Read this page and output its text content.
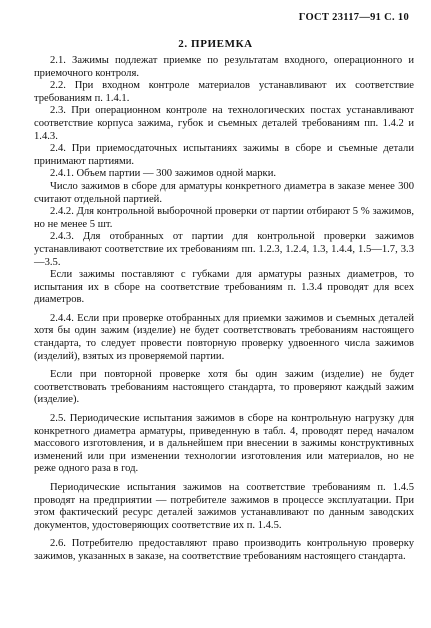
ГОСТ 23117—91 С. 10
2. ПРИЕМКА

2.1. Зажимы подлежат приемке по результатам входного, операционного и приемочного контроля.

2.2. При входном контроле материалов устанавливают их соответствие требованиям п. 1.4.1.

2.3. При операционном контроле на технологических постах устанавливают соответствие корпуса зажима, губок и съемных деталей требованиям пп. 1.4.2 и 1.4.3.

2.4. При приемосдаточных испытаниях зажимы в сборе и съемные детали принимают партиями.

2.4.1. Объем партии — 300 зажимов одной марки.

Число зажимов в сборе для арматуры конкретного диаметра в заказе менее 300 считают отдельной партией.

2.4.2. Для контрольной выборочной проверки от партии отбирают 5 % зажимов, но не менее 5 шт.

2.4.3. Для отобранных от партии для контрольной проверки зажимов устанавливают соответствие их требованиям пп. 1.2.3, 1.2.4, 1.3, 1.4.4, 1.5—1.7, 3.3—3.5.

Если зажимы поставляют с губками для арматуры разных диаметров, то испытания их в сборе на соответствие требованиям п. 1.3.4 проводят для всех диаметров.

2.4.4. Если при проверке отобранных для приемки зажимов и съемных деталей хотя бы один зажим (изделие) не будет соответствовать требованиям настоящего стандарта, то следует провести повторную проверку удвоенного числа зажимов (изделий), взятых из проверяемой партии.

Если при повторной проверке хотя бы один зажим (изделие) не будет соответствовать требованиям настоящего стандарта, то проверяют каждый зажим (изделие).

2.5. Периодические испытания зажимов в сборе на контрольную нагрузку для конкретного диаметра арматуры, приведенную в табл. 4, проводят перед началом массового изготовления, и в дальнейшем при внесении в зажимы конструктивных изменений или при изменении технологии изготовления или материалов, но не реже одного раза в год.

Периодические испытания зажимов на соответствие требованиям п. 1.4.5 проводят на предприятии — потребителе зажимов в процессе эксплуатации. При этом фактический ресурс деталей зажимов устанавливают по данным заводских документов, удостоверяющих соответствие их п. 1.4.5.

2.6. Потребителю предоставляют право производить контрольную проверку зажимов, указанных в заказе, на соответствие требованиям настоящего стандарта.
